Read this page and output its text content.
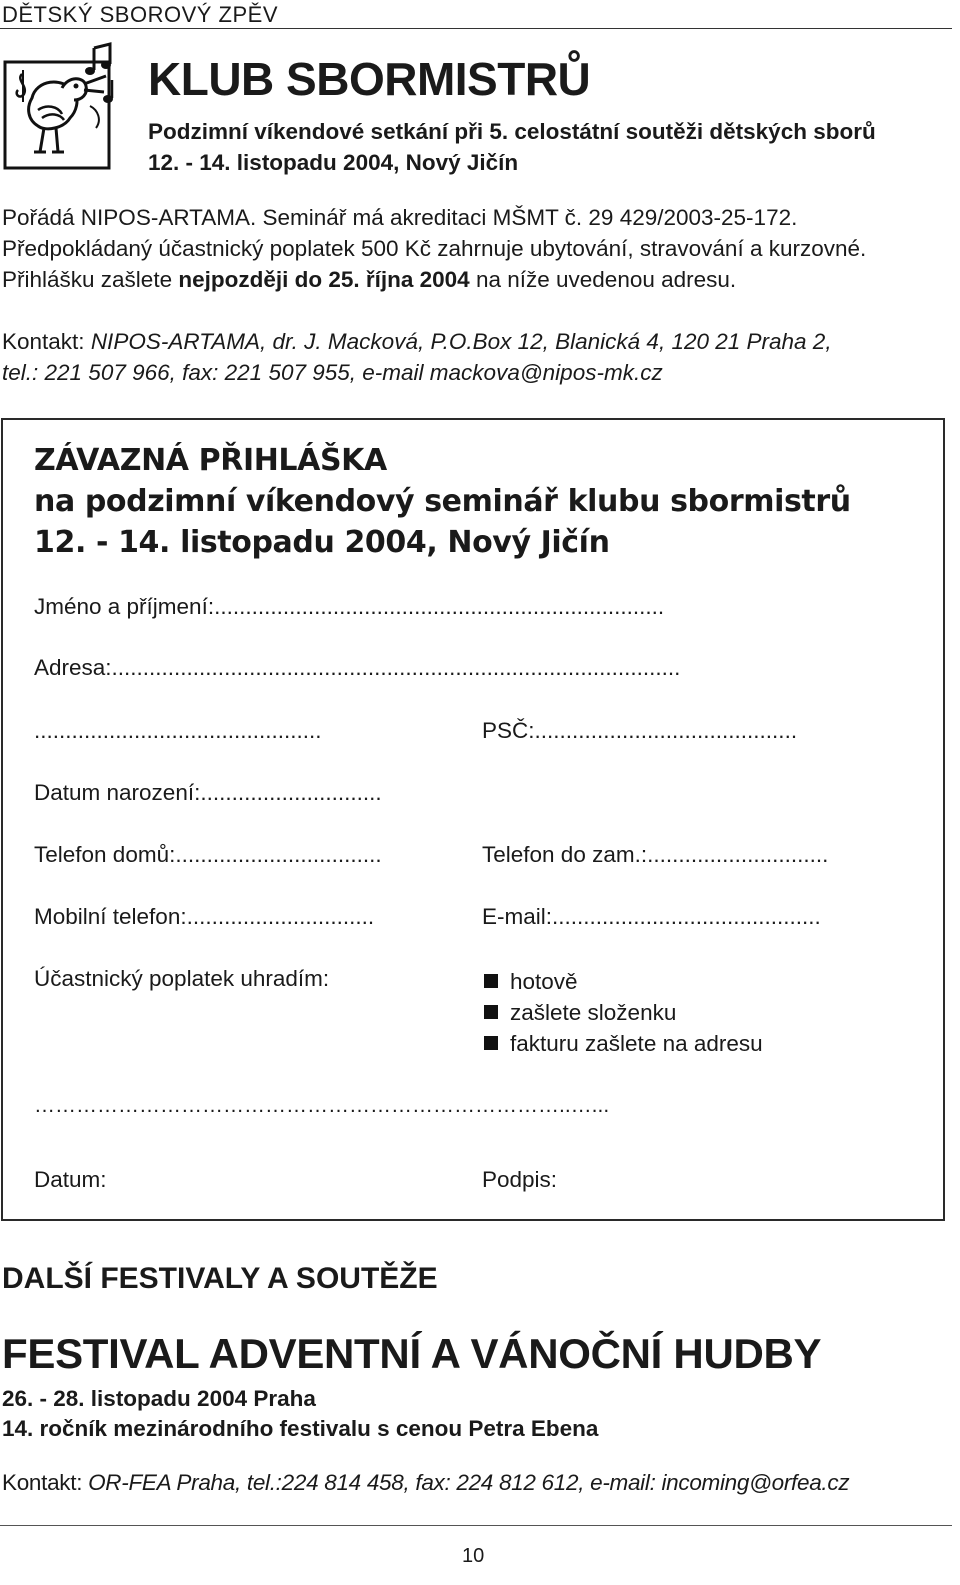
DĚTSKÝ SBOROVÝ ZPĚV
KLUB SBORMISTRŮ
Podzimní víkendové setkání při 5. celostátní soutěži dětských sborů
12. - 14. listopadu 2004, Nový Jičín
Pořádá NIPOS-ARTAMA. Seminář má akreditaci MŠMT č. 29 429/2003-25-172.
Předpokládaný účastnický poplatek 500 Kč zahrnuje ubytování, stravování a kurzovné.
Přihlášku zašlete nejpozději do 25. října 2004 na níže uvedenou adresu.
Kontakt: NIPOS-ARTAMA, dr. J. Macková, P.O.Box 12, Blanická 4, 120 21 Praha 2,
tel.: 221 507 966, fax: 221 507 955, e-mail mackova@nipos-mk.cz
ZÁVAZNÁ PŘIHLÁŠKA
na podzimní víkendový seminář klubu sbormistrů
12. - 14. listopadu 2004, Nový Jičín
Jméno a příjmení:........................................................................
Adresa:...........................................................................................
..............................................	PSČ:..........................................
Datum narození:.............................
Telefon domů:.................................	Telefon do zam.:.............................
Mobilní telefon:..............................	E-mail:...........................................
Účastnický poplatek uhradím:	hotově
zašlete složenku
fakturu zašlete na adresu
…………………………………………………………………..…...
Datum:	Podpis:
DALŠÍ FESTIVALY A SOUTĚŽE
FESTIVAL ADVENTNÍ A VÁNOČNÍ HUDBY
26. - 28. listopadu 2004 Praha
14. ročník mezinárodního festivalu s cenou Petra Ebena
Kontakt: OR-FEA Praha, tel.:224 814 458, fax: 224 812 612, e-mail: incoming@orfea.cz
10
